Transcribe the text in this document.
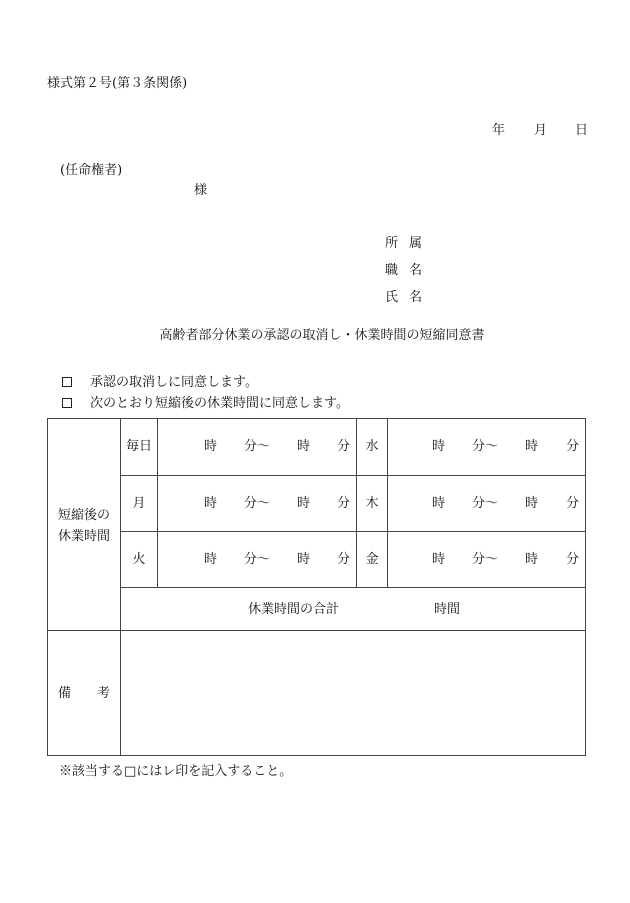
様式第２号(第３条関係)
年 月 日
(任命権者)
様
所属
職名
氏名
高齢者部分休業の承認の取消し・休業時間の短縮同意書
承認の取消しに同意します。
次のとおり短縮後の休業時間に同意します。
短縮後の
休業時間
毎日	時 分 〜 時 分 水	時 分 〜 時 分
月	時 分 〜 時 分 木	時 分 〜 時 分
火	時 分 〜 時 分 金	時 分 〜 時 分
休業時間の合計	時間
備 考
※該当する□にはレ印を記入すること。
